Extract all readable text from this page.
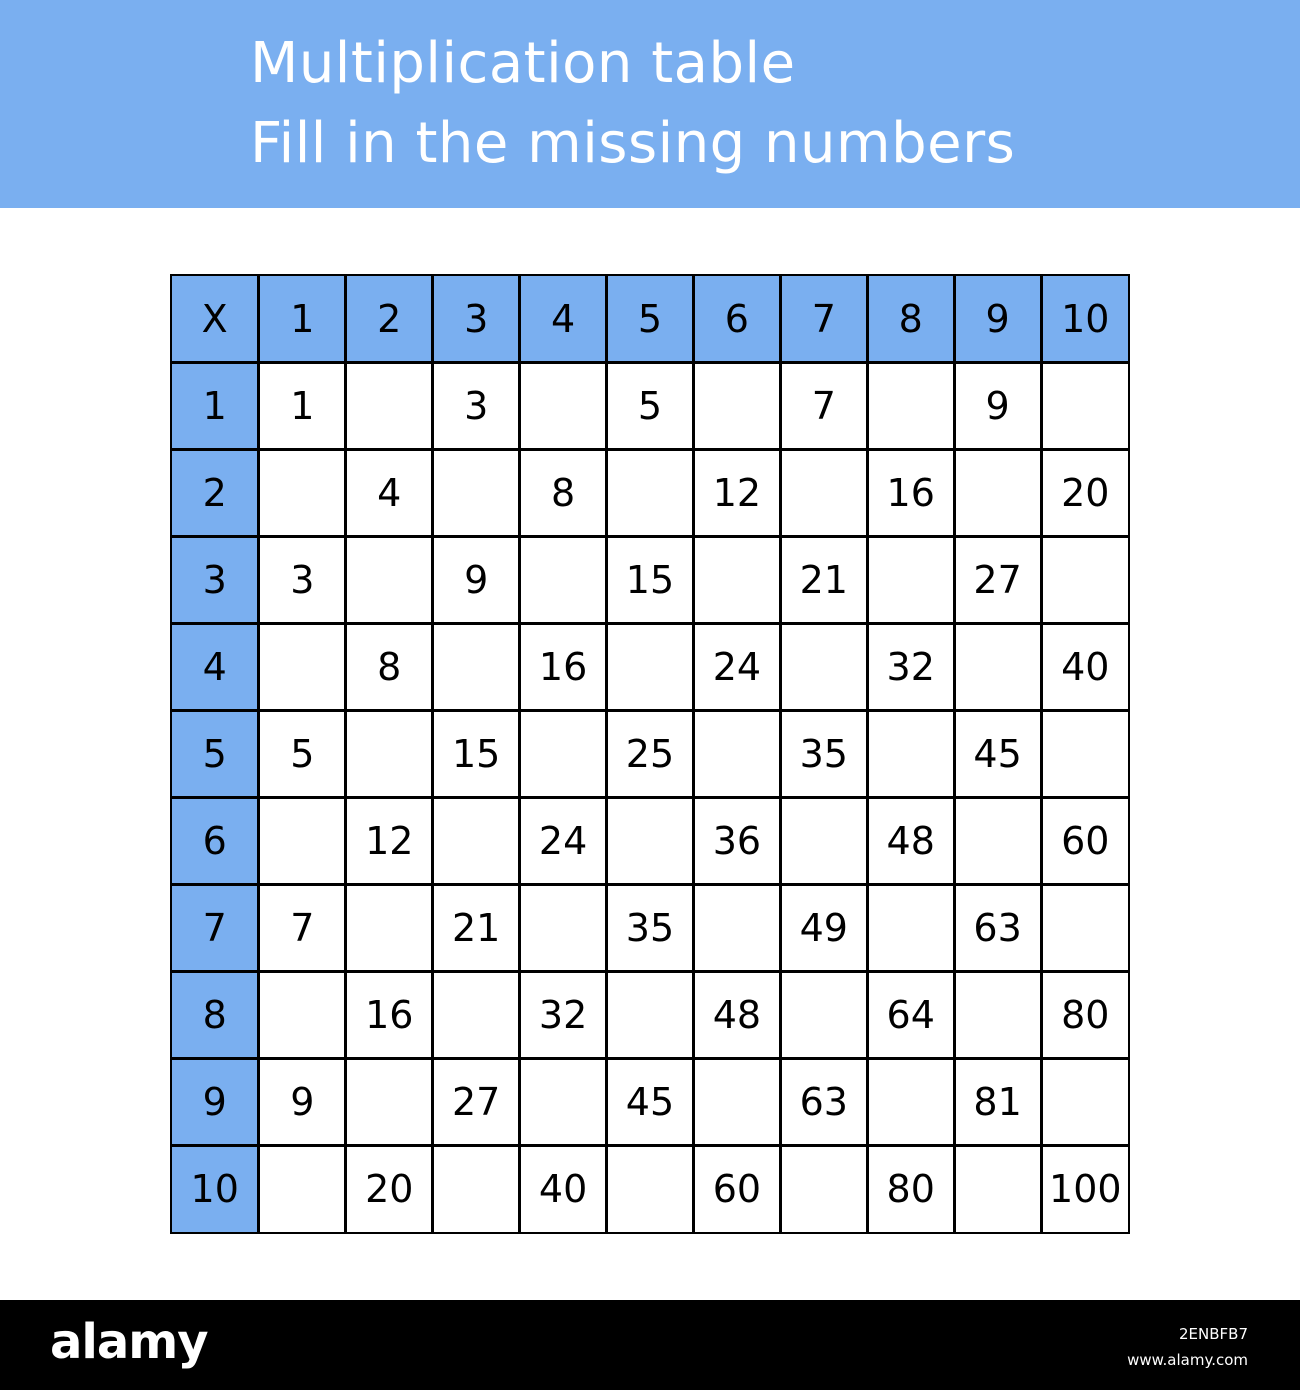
Multiplication table
Fill in the missing numbers
X	1	2	3	4	5	6	7	8	9	10
1	1		3		5		7		9	
2		4		8		12		16		20
3	3		9		15		21		27	
4		8		16		24		32		40
5	5		15		25		35		45	
6		12		24		36		48		60
7	7		21		35		49		63	
8		16		32		48		64		80
9	9		27		45		63		81	
10		20		40		60		80		100
alamy	2ENBFB7
www.alamy.com
